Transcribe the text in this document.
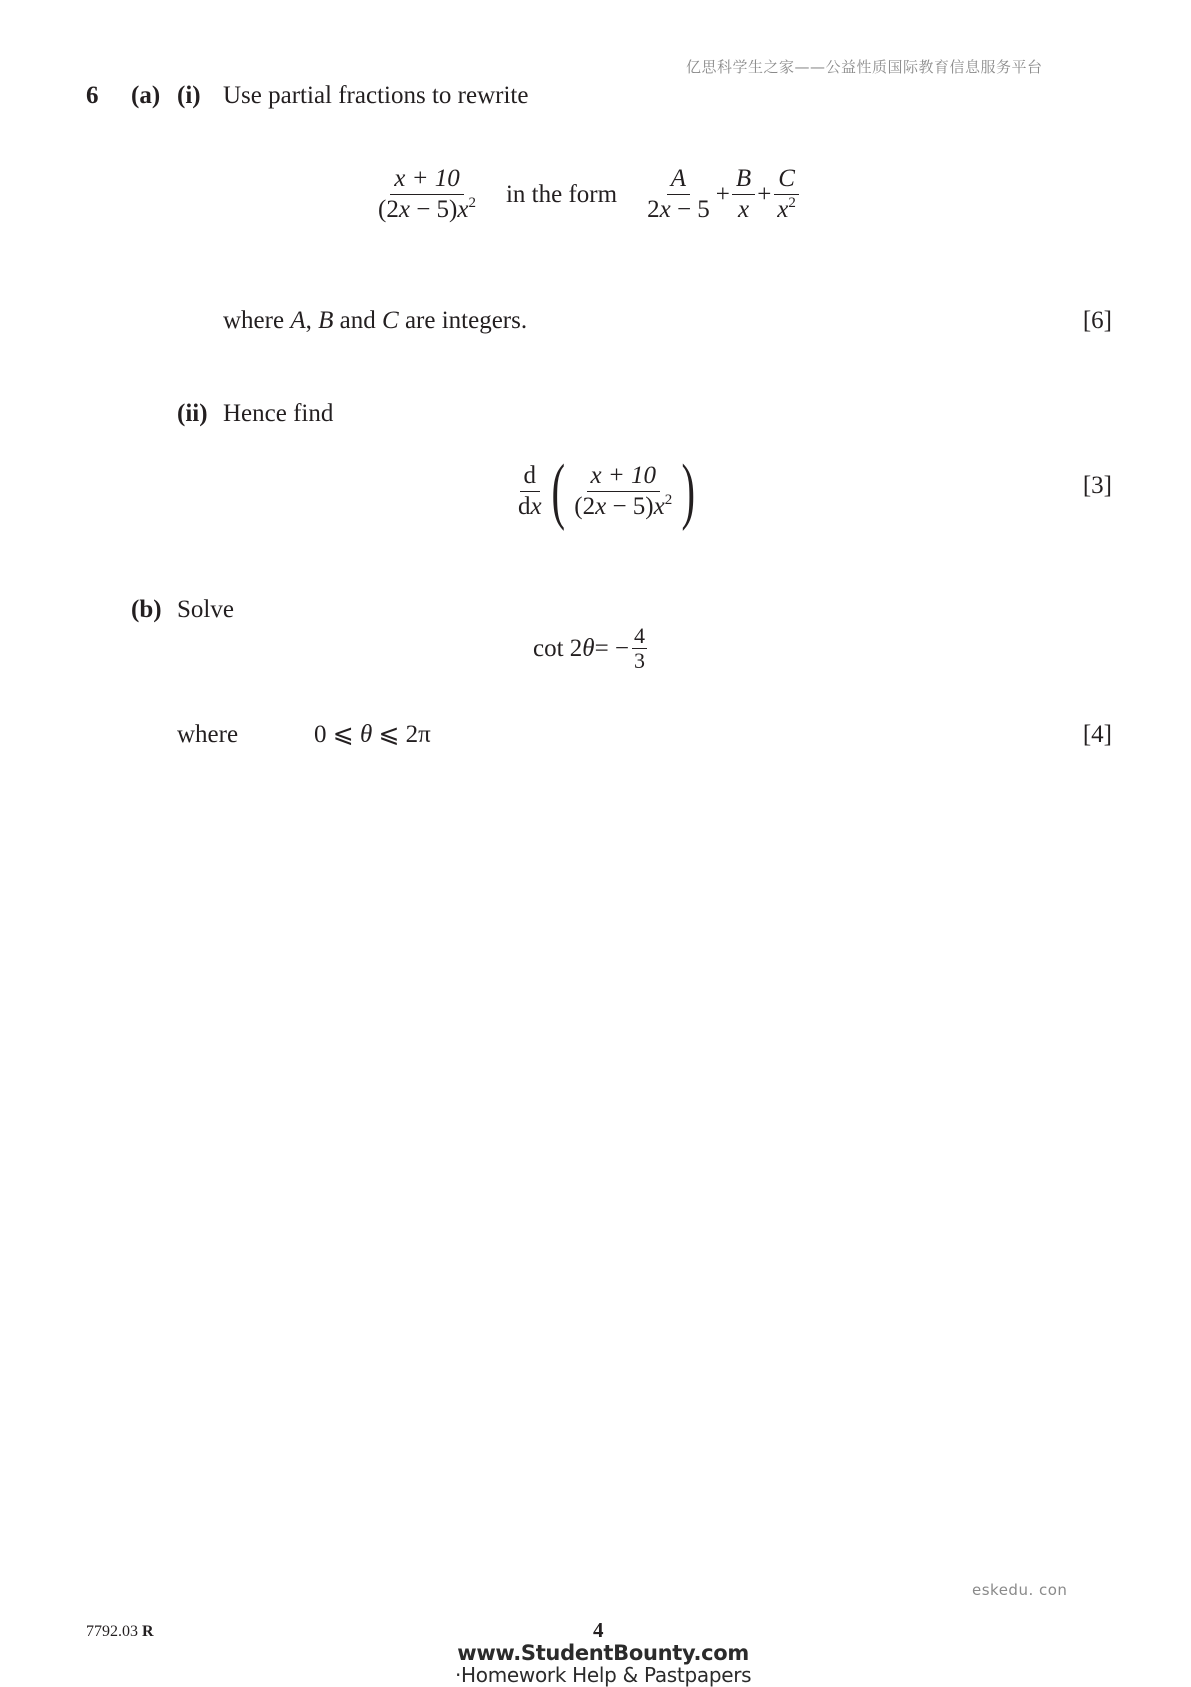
亿思科学生之家——公益性质国际教育信息服务平台
6 (a) (i) Use partial fractions to rewrite
$\frac{x + 10}{(2x - 5)x^2}$ in the form $\frac{A}{2x - 5} + \frac{B}{x} + \frac{C}{x^2}$
where A, B and C are integers.	[6]
(ii) Hence find
$\frac{d}{dx}$ ( $\frac{x + 10}{(2x - 5)x^2}$ )	[3]
(b) Solve
cot 2 θ = − $\frac{4}{3}$
where	0 ⩽ θ ⩽ 2π	[4]
eskedu. con
7792.03 R	4
www.StudentBounty.com
·Homework Help & Pastpapers
